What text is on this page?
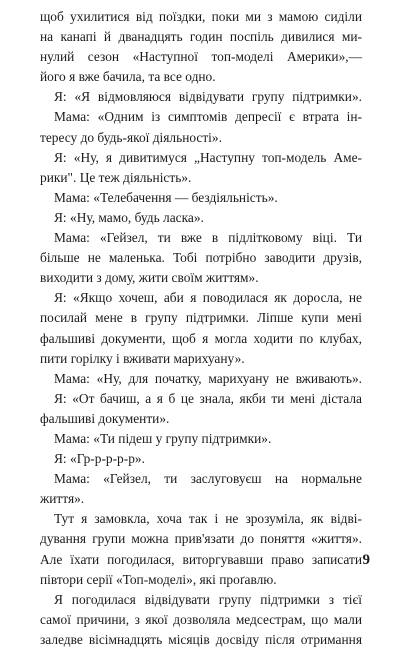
щоб ухилитися від поїздки, поки ми з мамою сиділи
на канапі й дванадцять годин поспіль дивилися ми-
нулий сезон «Наступної топ-моделі Америки»,—
його я вже бачила, та все одно.
Я: «Я відмовляюся відвідувати групу підтримки».
Мама: «Одним із симптомів депресії є втрата ін-
тересу до будь-якої діяльності».
Я: «Ну, я дивитимуся „Наступну топ-модель Аме-
рики". Це теж діяльність».
Мама: «Телебачення — бездіяльність».
Я: «Ну, мамо, будь ласка».
Мама: «Гейзел, ти вже в підлітковому віці. Ти
більше не маленька. Тобі потрібно заводити друзів,
виходити з дому, жити своїм життям».
Я: «Якщо хочеш, аби я поводилася як доросла, не
посилай мене в групу підтримки. Ліпше купи мені
фальшиві документи, щоб я могла ходити по клубах,
пити горілку і вживати марихуану».
Мама: «Ну, для початку, марихуану не вживають».
Я: «От бачиш, а я б це знала, якби ти мені дістала
фальшиві документи».
Мама: «Ти підеш у групу підтримки».
Я: «Гр-р-р-р-р».
Мама: «Гейзел, ти заслуговуєш на нормальне
життя».
Тут я замовкла, хоча так і не зрозуміла, як відві-
дування групи можна прив'язати до поняття «життя».
Але їхати погодилася, виторгувавши право записати
півтори серії «Топ-моделі», які проґавлю.
Я погодилася відвідувати групу підтримки з тієї
самої причини, з якої дозволяла медсестрам, що мали
заледве вісімнадцять місяців досвіду після отримання
9
